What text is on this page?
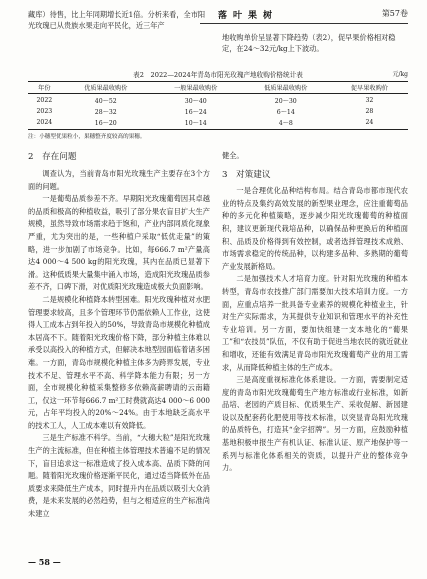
落叶果树	第57卷
藏库）待售，比上年同期增长近1倍。分析来看，全市阳光玫瑰已从贵族水果走向平民化，近三年产
地收购单价呈显著下降趋势（表2），促早果价格相对稳定，在24～32元/kg上下波动。
表2　2022—2024年青岛市阳光玫瑰产地收购价格统计表	元/kg
年份	优质果最收购价	一般果最收购价	低质果最收购价	促早果收购价
2022	40～52	30～40	20～30	32
2023	28～32	16～24	6～14	28
2024	16～20	10～14	4～8	24
注：小穗型优果粒小，果穗整齐度较高的果穗。
2　存在问题

调查认为，当前青岛市阳光玫瑰生产主要存在3个方面的问题。

一是葡萄品质参差不齐。早期阳光玫瑰葡萄因其卓越的品质和极高的种植收益，吸引了部分果农盲目扩大生产规模，虽然导致市场需求趋于饱和，产业内部同质化现象严重，尤为突出的是，一些种植户采取“低优走量”的策略，进一步加剧了市场竞争。比如，每666.7 m²产量高达4 000～4 500 kg的阳光玫瑰，其内在品质已显著下滑。这种低质果大量集中涌入市场，造成阳光玫瑰品质参差不齐，口碑下滑，对优质阳光玫瑰造成极大负面影响。

二是规模化种植降本转型困难。阳光玫瑰种植对水肥管理要求较高，且多个管理环节仍需依赖人工作业，这使得人工成本占到年投入的50%，导致青岛市规模化种植成本居高不下。随着阳光玫瑰价格下降，部分种植主体难以承受以高投入的种植方式，但解决本地型园面临着诸多困难。一方面，青岛市规模化种植主体多为跨界发展，专业技术不足、管理水平不高、科学降本能力有限；另一方面，全市规模化种植采集整修多依赖高薪聘请的云南籍工，仅这一环节每666.7 m²工时费就高达4 000～6 000元，占年平均投入的20%～24%。由于本地缺乏高水平的技术工人，人工成本难以有效降低。

三是生产标准不科学。当前，“大穗大粒”是阳光玫瑰生产的主流标准，但在种植主体管理技术普遍不足的情况下，盲目追求这一标准造成了投入成本高、品质下降的问题。随着阳光玫瑰价格逐渐平民化，通过适当降低外在品质要求来降低生产成本，同时提升内在品质以吸引大众消费，是未来发展的必然趋势，但与之相适应的生产标准尚未建立

健全。

3　对策建议

一是合理优化品种结构布局。结合青岛市都市现代农业的特点及集约高效发展的新型果业理念，应注重葡萄品种的多元化种植策略，逐步减少阳光玫瑰葡萄的种植面积，建议更新现代栽培品种，以确保品种更换后的种植面积、品质及价格得到有效控制，或者选择管理技术成熟、市场需求稳定的传统品种，以构建多品种、多熟期的葡萄产业发展新格局。

二是加强技术人才培育力度。针对阳光玫瑰的种植本转型，青岛市农技推广部门需要加大技术培训力度。一方面，应重点培养一批具备专业素养的规模化种植业主，针对生产实际需求，为其提供专业知识和管理水平的补充性专业培训。另一方面，要加快组建一支本地化的“葡果工”和“农技员”队伍，不仅有助于促进当地农民的就近就业和增收，还能有效满足青岛市阳光玫瑰葡萄产业的用工需求，从而降低种植主体的生产成本。

三是高度重视标准化体系建设。一方面，需要制定适度的青岛市阳光玫瑰葡萄生产地方标准或行业标准，如新品培、老园的产质目标、优质果生产、采收促解、新园建设以及配套药化肥使用等技术标准，以突显青岛阳光玫瑰的品质特色，打造其“金字招牌”。另一方面，应鼓励种植基地积极申报生产有机认证、标准认证、原产地保护等一系列与标准化体系相关的资质，以提升产业的整体竞争力。

— 58 —
